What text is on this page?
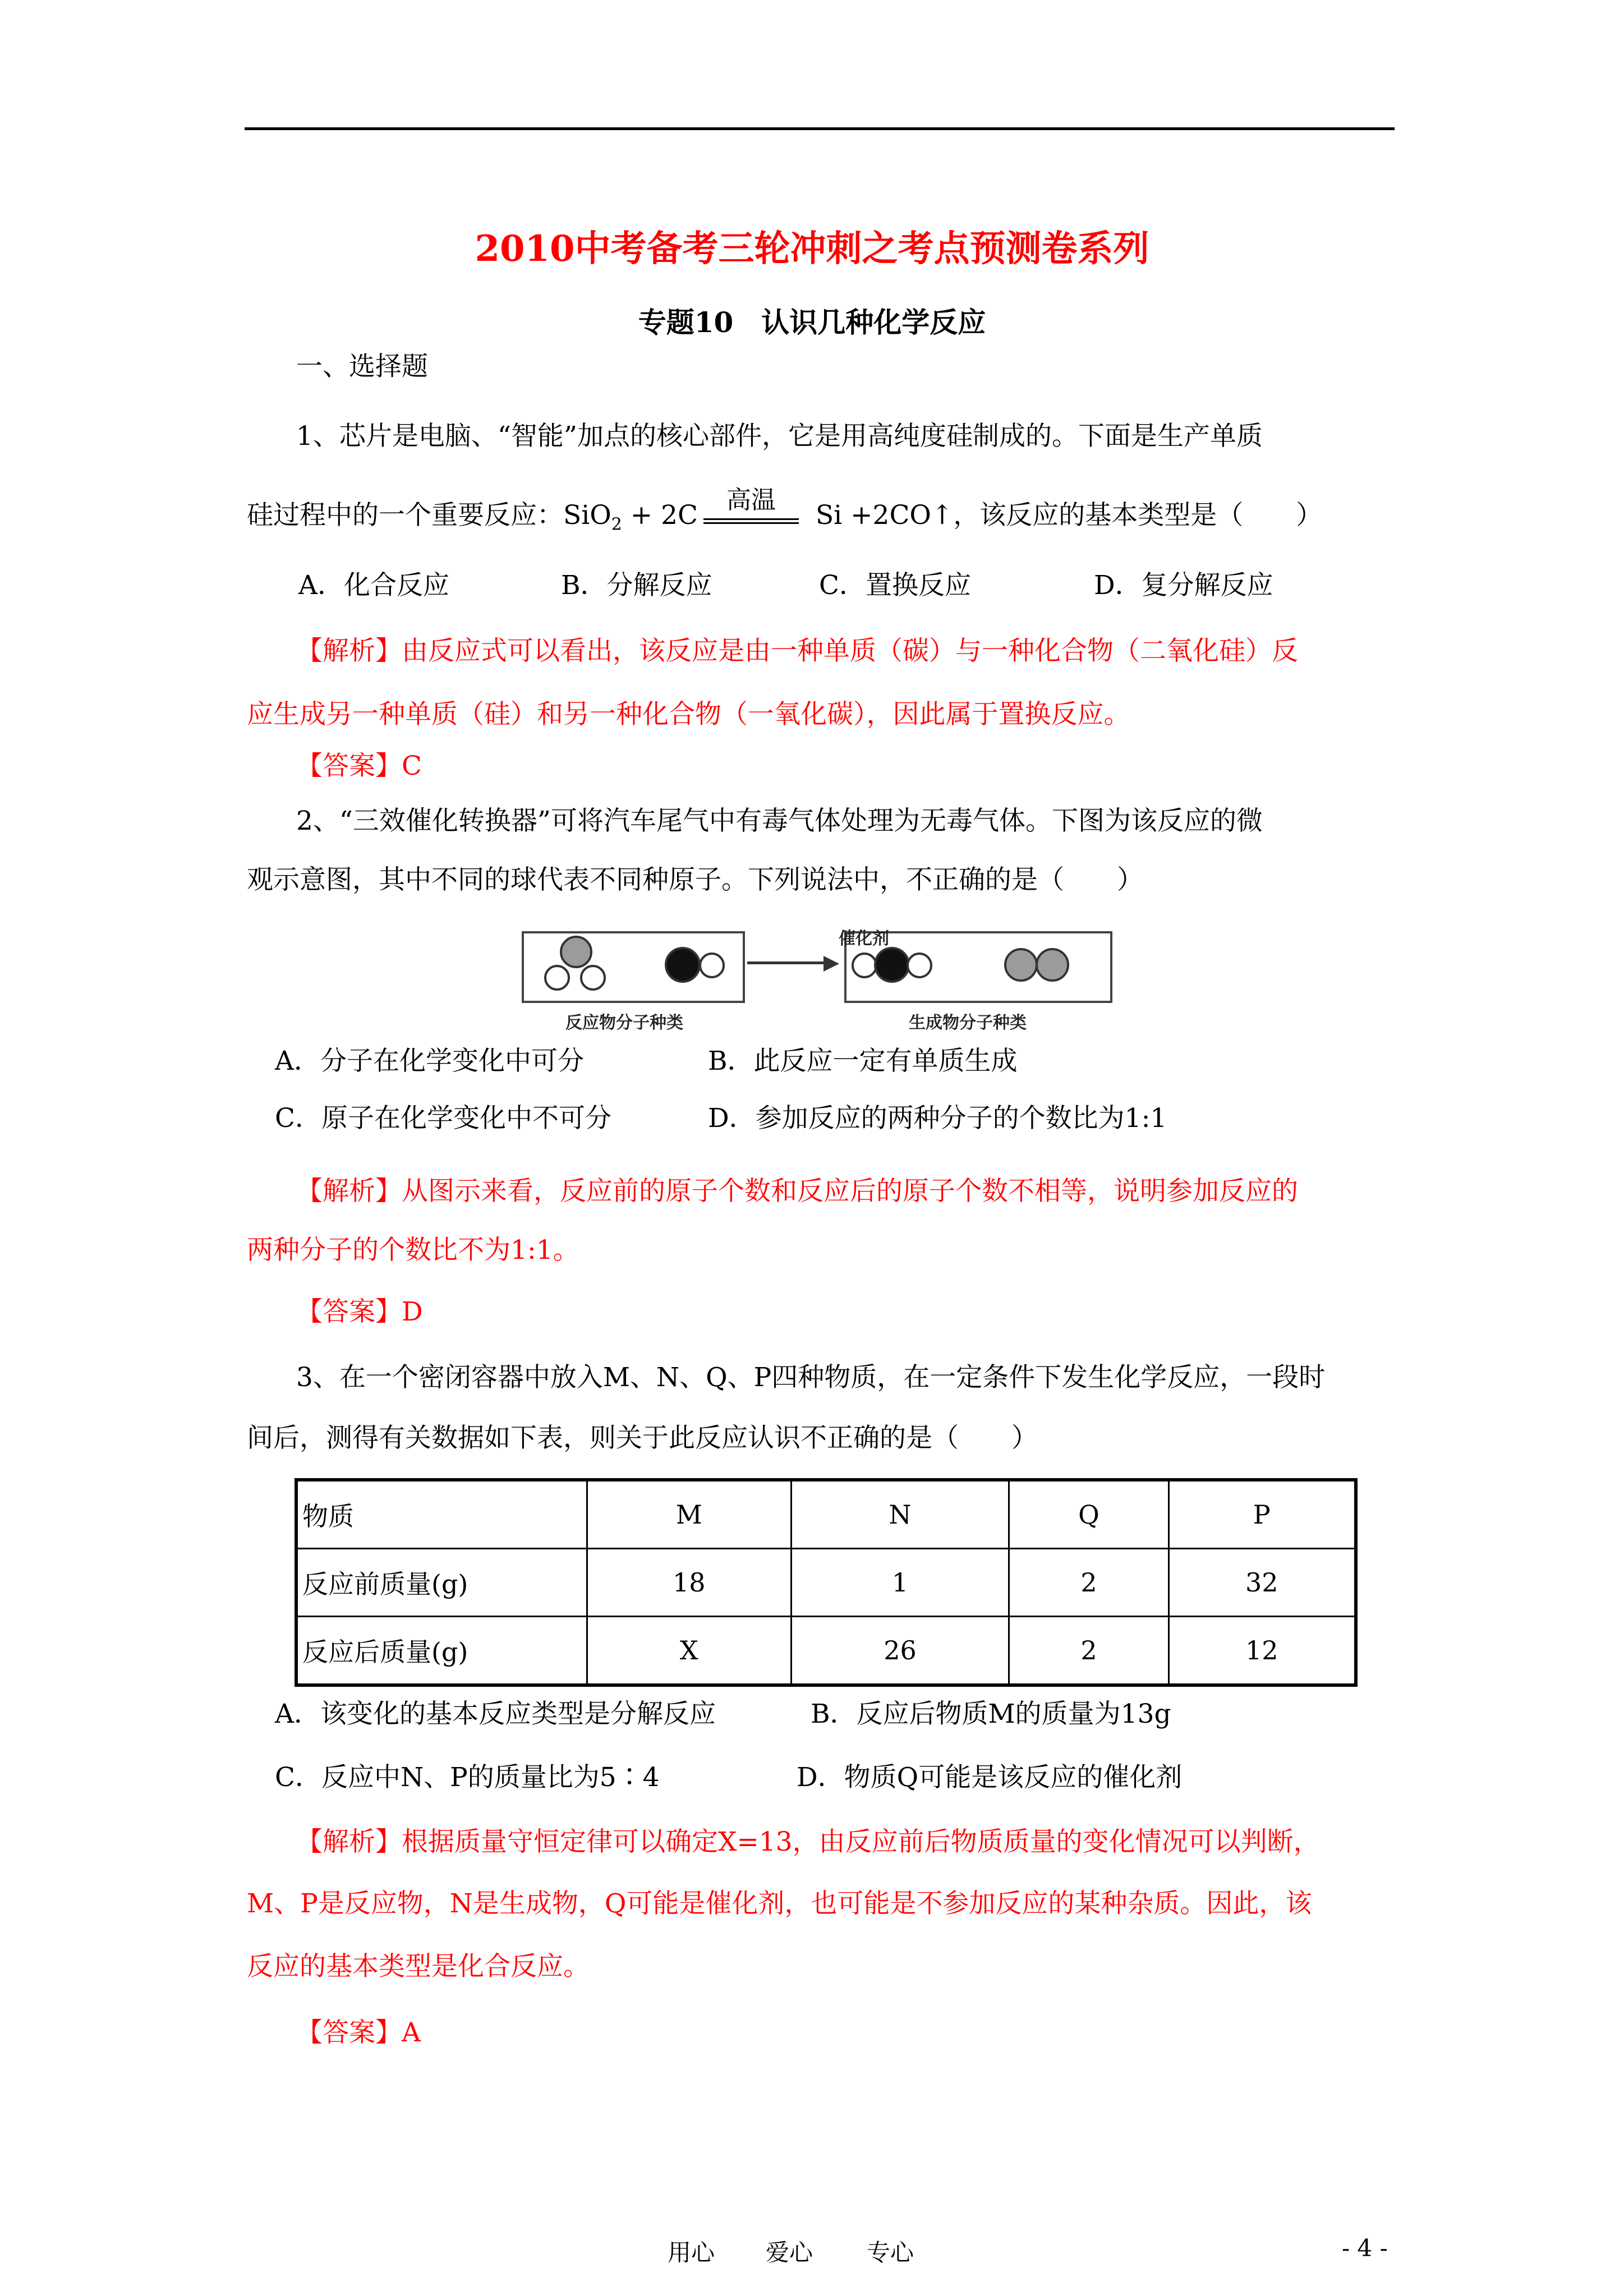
2010中考备考三轮冲刺之考点预测卷系列
专题10　认识几种化学反应
一、选择题
1、芯片是电脑、“智能”加点的核心部件，它是用高纯度硅制成的。下面是生产单质
硅过程中的一个重要反应：SiO$_2$ + 2C	高温	Si +2CO↑，该反应的基本类型是（　　）
A．化合反应	B．分解反应	C．置换反应	D．复分解反应
【解析】由反应式可以看出，该反应是由一种单质（碳）与一种化合物（二氧化硅）反
应生成另一种单质（硅）和另一种化合物（一氧化碳），因此属于置换反应。
【答案】C
2、“三效催化转换器”可将汽车尾气中有毒气体处理为无毒气体。下图为该反应的微
观示意图，其中不同的球代表不同种原子。下列说法中，不正确的是（　　）
反应物分子种类	生成物分子种类
催化剂
A．分子在化学变化中可分	B．此反应一定有单质生成
C．原子在化学变化中不可分	D．参加反应的两种分子的个数比为1:1
【解析】从图示来看，反应前的原子个数和反应后的原子个数不相等，说明参加反应的
两种分子的个数比不为1:1。
【答案】D
3、在一个密闭容器中放入M、N、Q、P四种物质，在一定条件下发生化学反应，一段时
间后，测得有关数据如下表，则关于此反应认识不正确的是（　　）
物质	M	N	Q	P
反应前质量(g)	18	1	2	32
反应后质量(g)	X	26	2	12
A．该变化的基本反应类型是分解反应	B．反应后物质M的质量为13g
C．反应中N、P的质量比为5∶4	D．物质Q可能是该反应的催化剂
【解析】根据质量守恒定律可以确定X=13，由反应前后物质质量的变化情况可以判断，
M、P是反应物，N是生成物，Q可能是催化剂，也可能是不参加反应的某种杂质。因此，该
反应的基本类型是化合反应。
【答案】A
用心 爱心 专心	- 4 -
